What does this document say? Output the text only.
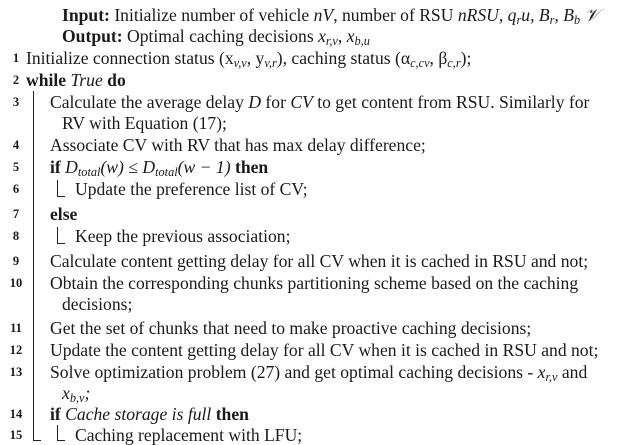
Input: Initialize number of vehicle nV, number of RSU nRSU, $q_ru$, $B_r$, $B_b$ 𝒱
Output: Optimal caching decisions $x_{r,v}$, $x_{b,u}$
1 Initialize connection status ($x_{v,v}$, $y_{v,r}$), caching status ($\alpha_{c,cv}$, $\beta_{c,r}$);
2 while True do
3	Calculate the average delay D for CV to get content from RSU. Similarly for
RV with Equation (17);
4	Associate CV with RV that has max delay difference;
5	if $D_{total}(w) \le D_{total}(w - 1)$ then
6	Update the preference list of CV;
7	else
8	Keep the previous association;
9	Calculate content getting delay for all CV when it is cached in RSU and not;
10	Obtain the corresponding chunks partitioning scheme based on the caching
decisions;
11	Get the set of chunks that need to make proactive caching decisions;
12	Update the content getting delay for all CV when it is cached in RSU and not;
13	Solve optimization problem (27) and get optimal caching decisions - $x_{r,v}$ and
$x_{b,v}$;
14	if Cache storage is full then
15	Caching replacement with LFU;
